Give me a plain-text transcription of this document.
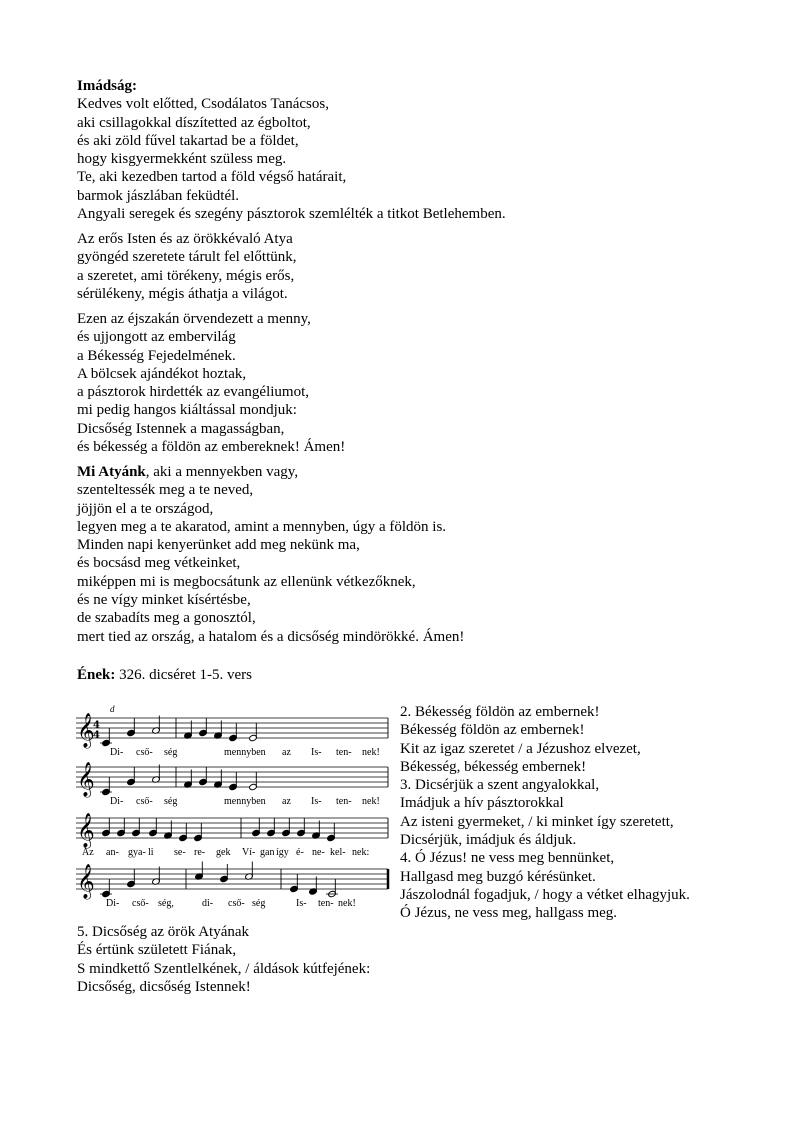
Imádság:
Kedves volt előtted, Csodálatos Tanácsos,
aki csillagokkal díszítetted az égboltot,
és aki zöld fűvel takartad be a földet,
hogy kisgyermekként szüless meg.
Te, aki kezedben tartod a föld végső határait,
barmok jászlában feküdtél.
Angyali seregek és szegény pásztorok szemlélték a titkot Betlehemben.
Az erős Isten és az örökkévaló Atya
gyöngéd szeretete tárult fel előttünk,
a szeretet, ami törékeny, mégis erős,
sérülékeny, mégis áthatja a világot.
Ezen az éjszakán örvendezett a menny,
és ujjongott az embervilág
a Békesség Fejedelmének.
A bölcsek ajándékot hoztak,
a pásztorok hirdették az evangéliumot,
mi pedig hangos kiáltással mondjuk:
Dicsőség Istennek a magasságban,
és békesség a földön az embereknek! Ámen!
Mi Atyánk, aki a mennyekben vagy,
szenteltessék meg a te neved,
jöjjön el a te országod,
legyen meg a te akaratod, amint a mennyben, úgy a földön is.
Minden napi kenyerünket add meg nekünk ma,
és bocsásd meg vétkeinket,
miképpen mi is megbocsátunk az ellenünk vétkezőknek,
és ne vígy minket kísértésbe,
de szabadíts meg a gonosztól,
mert tied az ország, a hatalom és a dicsőség mindörökké. Ámen!
Ének: 326. dicséret 1-5. vers
𝄞
Di- cső- ség	mennyben az Is- ten- nek!
𝄞
Di- cső- ség	mennyben az Is- ten- nek!
𝄞
Az an- gya- li se- re- gek Ví- gan így é- ne- kel- nek:
𝄞
Di- cső- ség,	di- cső- ség	Is- ten- nek!
4
4
d	2. Békesség földön az embernek!
Békesség földön az embernek!
Kit az igaz szeretet / a Jézushoz elvezet,
Békesség, békesség embernek!
3. Dicsérjük a szent angyalokkal,
Imádjuk a hív pásztorokkal
Az isteni gyermeket, / ki minket így szeretett,
Dicsérjük, imádjuk és áldjuk.
4. Ó Jézus! ne vess meg bennünket,
Hallgasd meg buzgó kérésünket.
Jászolodnál fogadjuk, / hogy a vétket elhagyjuk.
Ó Jézus, ne vess meg, hallgass meg.
5. Dicsőség az örök Atyának
És értünk született Fiának,
S mindkettő Szentlelkének, / áldások kútfejének:
Dicsőség, dicsőség Istennek!
